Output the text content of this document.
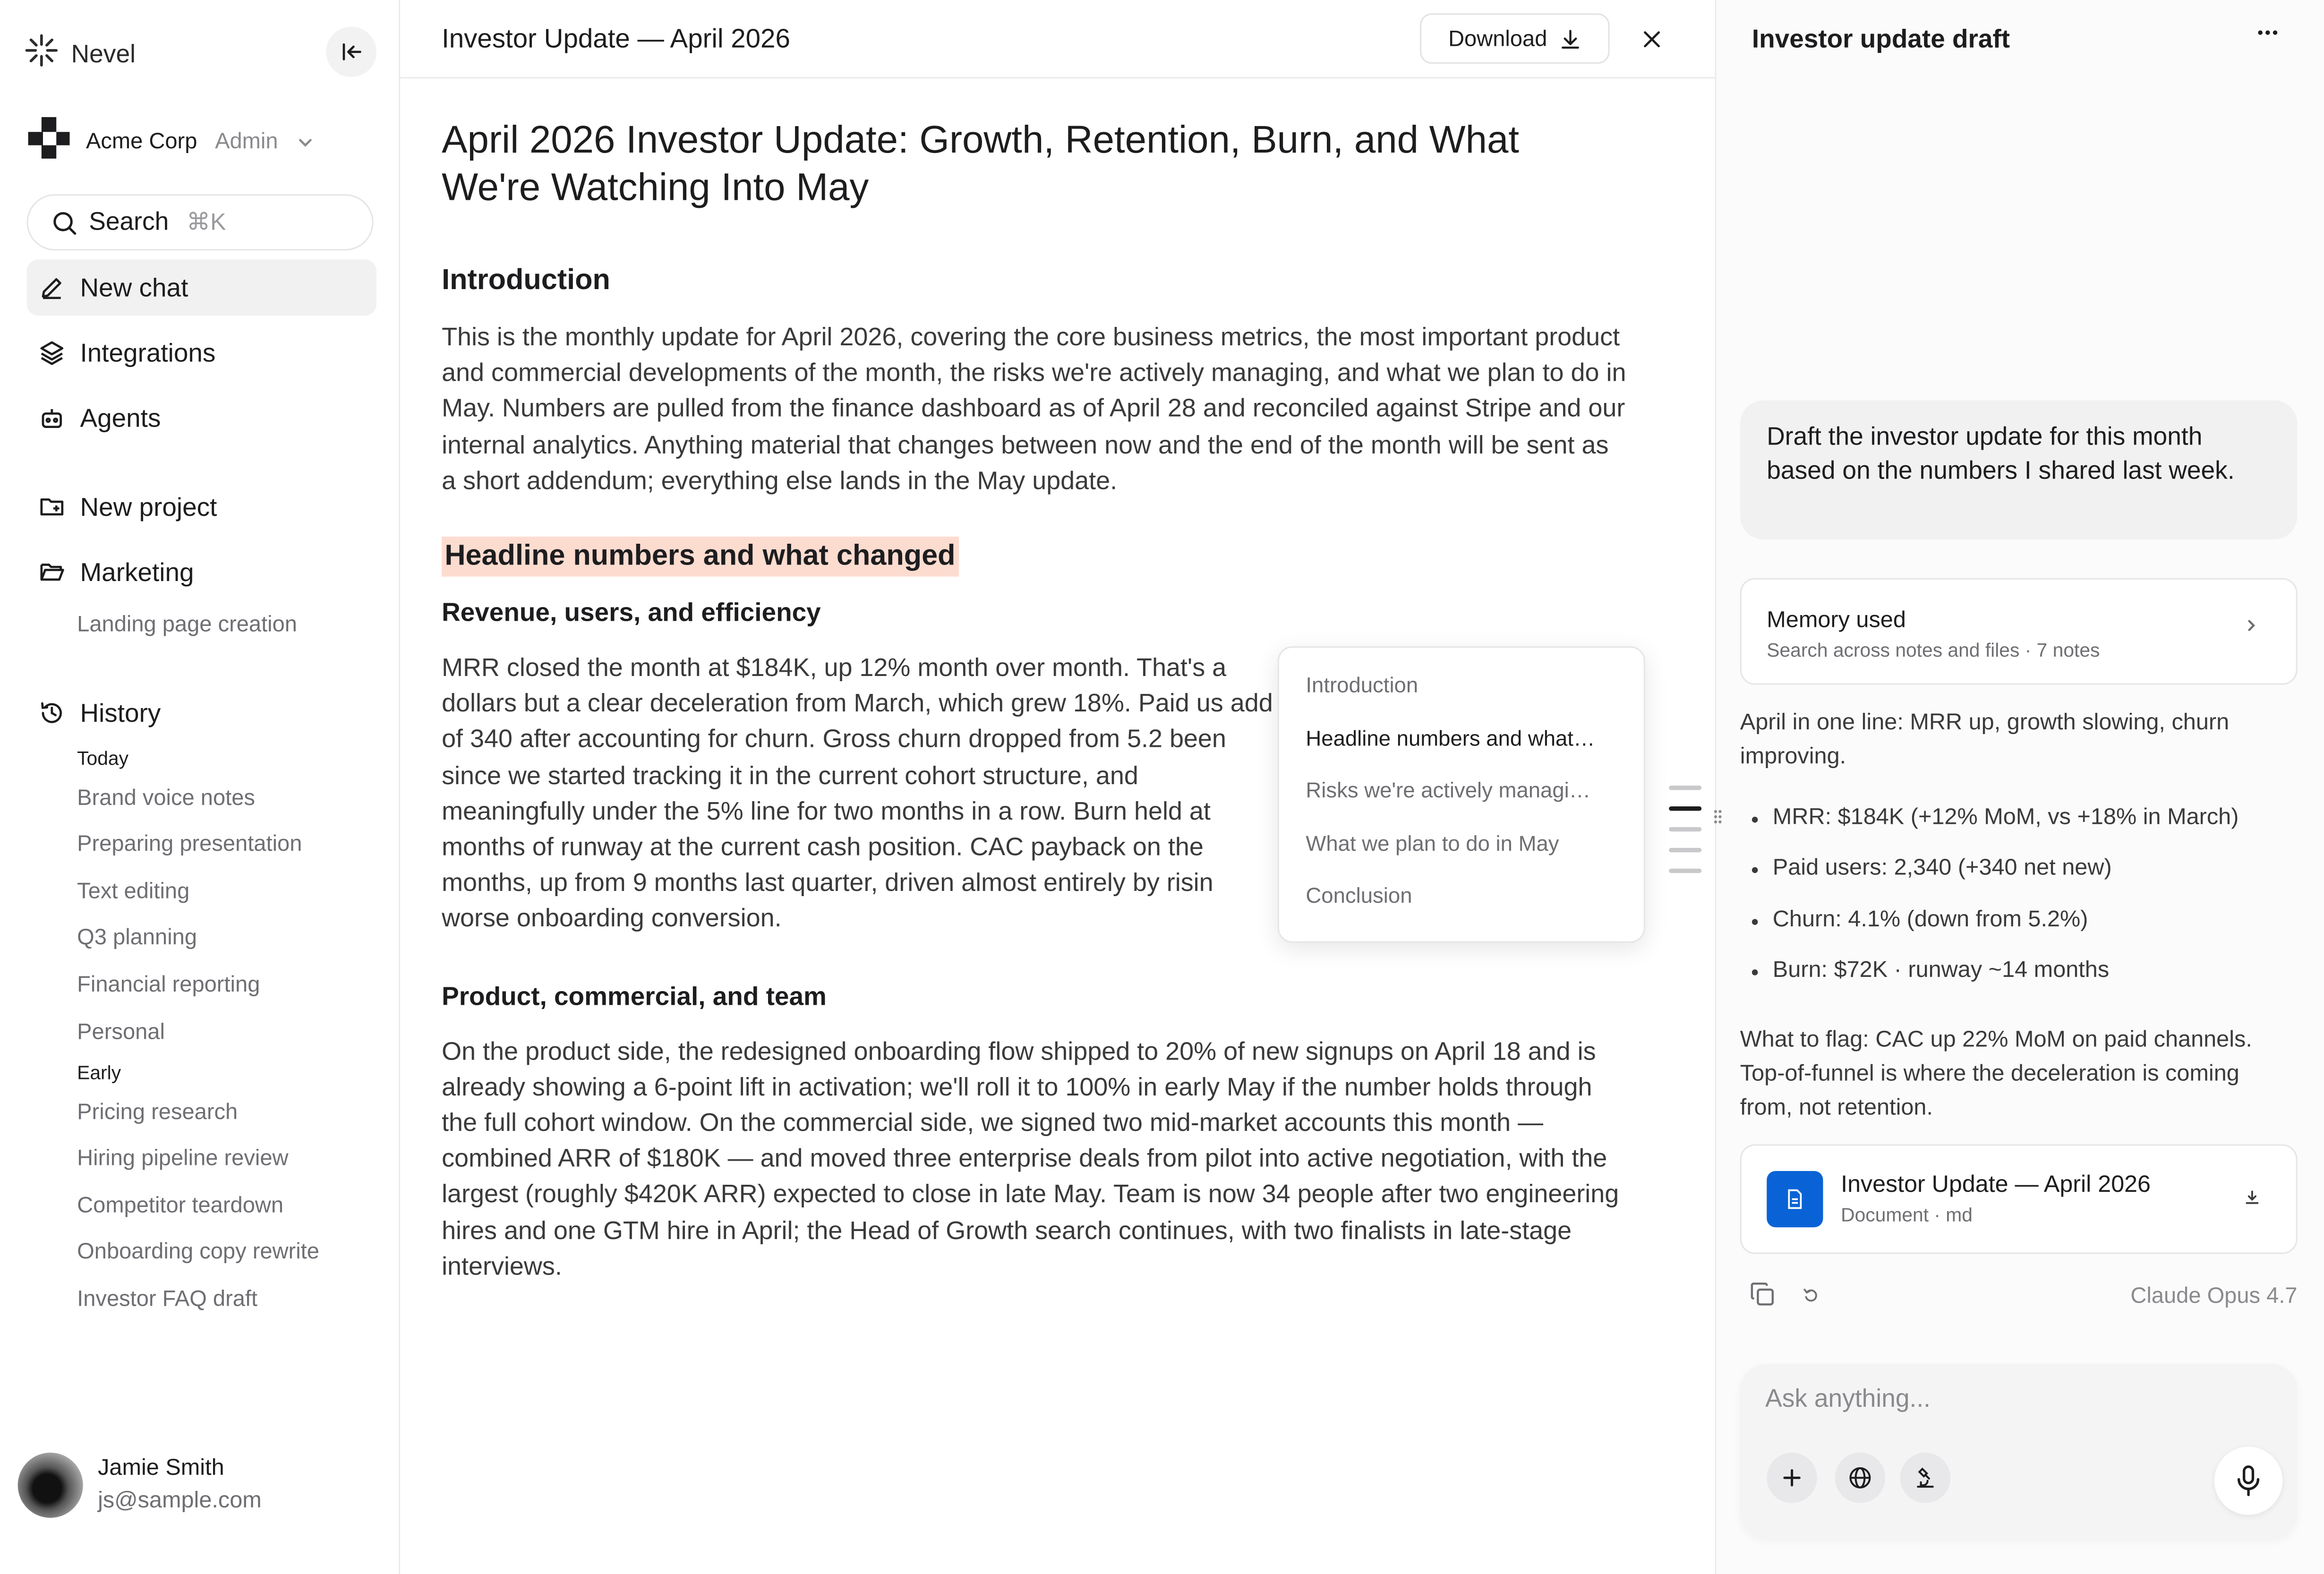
Nevel
Acme Corp	Admin
Search ⌘K
New chat
Integrations
Agents
New project
Marketing
Landing page creation
History
Today
Brand voice notes
Preparing presentation
Text editing
Q3 planning
Financial reporting
Personal
Early
Pricing research
Hiring pipeline review
Competitor teardown
Onboarding copy rewrite
Investor FAQ draft
Jamie Smith
js@sample.com
Investor Update — April 2026	Download
April 2026 Investor Update: Growth, Retention, Burn, and What We're Watching Into May
Introduction

This is the monthly update for April 2026, covering the core business metrics, the most important product and commercial developments of the month, the risks we're actively managing, and what we plan to do in May. Numbers are pulled from the finance dashboard as of April 28 and reconciled against Stripe and our internal analytics. Anything material that changes between now and the end of the month will be sent as a short addendum; everything else lands in the May update.

Headline numbers and what changed
Revenue, users, and efficiency

MRR closed the month at $184K, up 12% month over month. That's a dollars but a clear deceleration from March, which grew 18%. Paid us add of 340 after accounting for churn. Gross churn dropped from 5.2 been since we started tracking it in the current cohort structure, and meaningfully under the 5% line for two months in a row. Burn held at months of runway at the current cash position. CAC payback on the months, up from 9 months last quarter, driven almost entirely by risin worse onboarding conversion.

Product, commercial, and team

On the product side, the redesigned onboarding flow shipped to 20% of new signups on April 18 and is already showing a 6-point lift in activation; we'll roll it to 100% in early May if the number holds through the full cohort window. On the commercial side, we signed two mid-market accounts this month — combined ARR of $180K — and moved three enterprise deals from pilot into active negotiation, with the largest (roughly $420K ARR) expected to close in late May. Team is now 34 people after two engineering hires and one GTM hire in April; the Head of Growth search continues, with two finalists in late-stage interviews.

Investor update draft
Draft the investor update for this month based on the numbers I shared last week.
Memory used
Search across notes and files · 7 notes
April in one line: MRR up, growth slowing, churn improving.
MRR: $184K (+12% MoM, vs +18% in March)
Paid users: 2,340 (+340 net new)
Churn: 4.1% (down from 5.2%)
Burn: $72K · runway ~14 months
What to flag: CAC up 22% MoM on paid channels. Top-of-funnel is where the deceleration is coming from, not retention.
Investor Update — April 2026
Document · md
Claude Opus 4.7
Ask anything...
Introduction
Headline numbers and what…
Risks we're actively managi…
What we plan to do in May
Conclusion
